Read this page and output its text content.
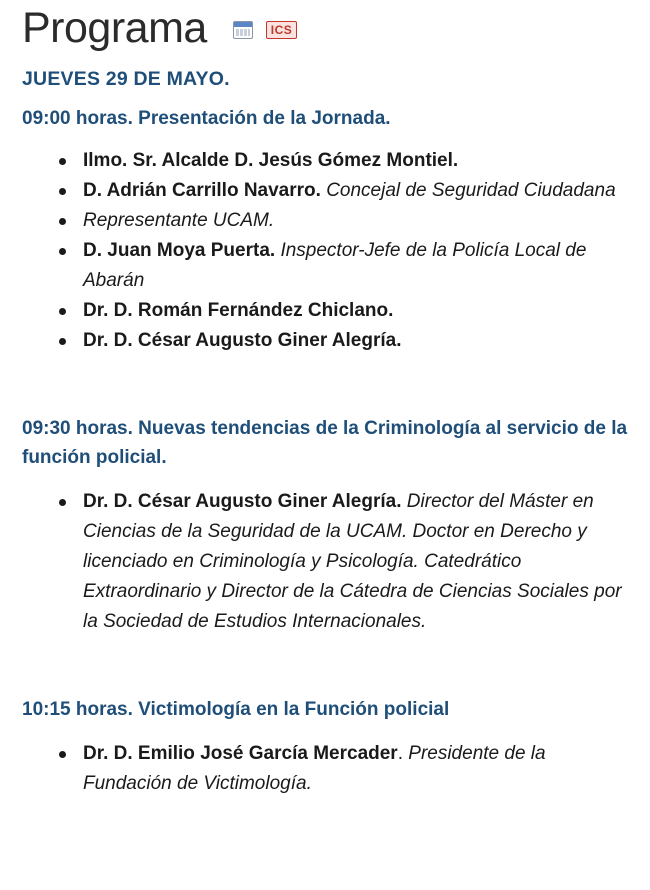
Programa	ICS
JUEVES 29 DE MAYO.
09:00 horas. Presentación de la Jornada.
Ilmo. Sr. Alcalde D. Jesús Gómez Montiel.
D. Adrián Carrillo Navarro. Concejal de Seguridad Ciudadana
Representante UCAM.
D. Juan Moya Puerta. Inspector-Jefe de la Policía Local de Abarán
Dr. D. Román Fernández Chiclano.
Dr. D. César Augusto Giner Alegría.
09:30 horas. Nuevas tendencias de la Criminología al servicio de la función policial.
Dr. D. César Augusto Giner Alegría. Director del Máster en Ciencias de la Seguridad de la UCAM. Doctor en Derecho y licenciado en Criminología y Psicología. Catedrático Extraordinario y Director de la Cátedra de Ciencias Sociales por la Sociedad de Estudios Internacionales.
10:15 horas. Victimología en la Función policial
Dr. D. Emilio José García Mercader. Presidente de la Fundación de Victimología.
